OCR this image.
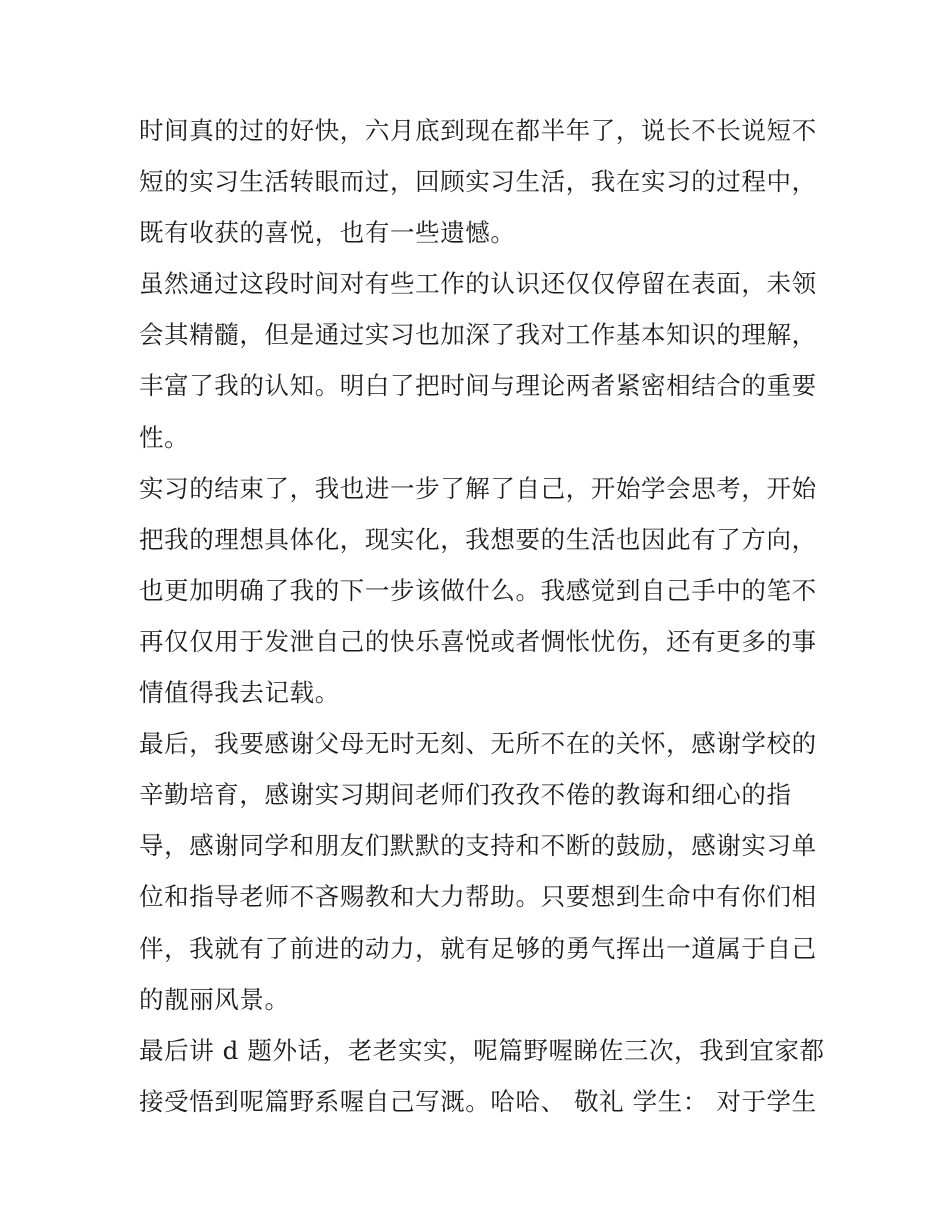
时间真的过的好快，六月底到现在都半年了，说长不长说短不
短的实习生活转眼而过，回顾实习生活，我在实习的过程中，
既有收获的喜悦，也有一些遗憾。
虽然通过这段时间对有些工作的认识还仅仅停留在表面，未领
会其精髓，但是通过实习也加深了我对工作基本知识的理解，
丰富了我的认知。明白了把时间与理论两者紧密相结合的重要
性。
实习的结束了，我也进一步了解了自己，开始学会思考，开始
把我的理想具体化，现实化，我想要的生活也因此有了方向，
也更加明确了我的下一步该做什么。我感觉到自己手中的笔不
再仅仅用于发泄自己的快乐喜悦或者惆怅忧伤，还有更多的事
情值得我去记载。
最后，我要感谢父母无时无刻、无所不在的关怀，感谢学校的
辛勤培育，感谢实习期间老师们孜孜不倦的教诲和细心的指
导，感谢同学和朋友们默默的支持和不断的鼓励，感谢实习单
位和指导老师不吝赐教和大力帮助。只要想到生命中有你们相
伴，我就有了前进的动力，就有足够的勇气挥出一道属于自己
的靓丽风景。
最后讲 d 题外话，老老实实，呢篇野喔睇佐三次，我到宜家都
接受悟到呢篇野系喔自己写溉。哈哈、 敬礼 学生： 对于学生
